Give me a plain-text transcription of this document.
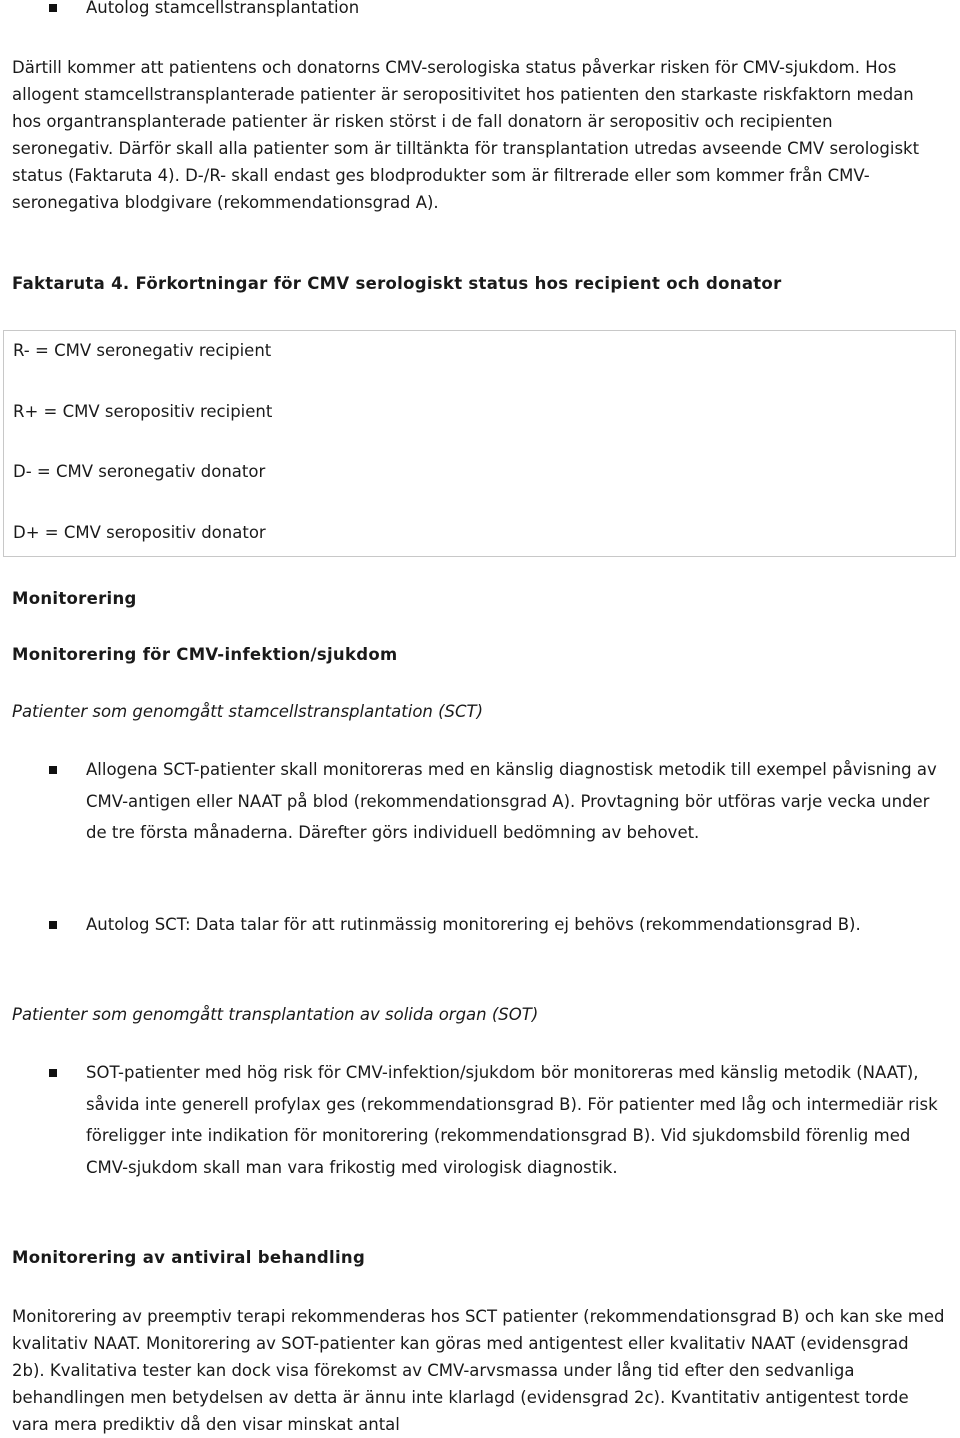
Autolog stamcellstransplantation
Därtill kommer att patientens och donatorns CMV-serologiska status påverkar risken för CMV-sjukdom. Hos allogent stamcellstransplanterade patienter är seropositivitet hos patienten den starkaste riskfaktorn medan hos organtransplanterade patienter är risken störst i de fall donatorn är seropositiv och recipienten seronegativ. Därför skall alla patienter som är tilltänkta för transplantation utredas avseende CMV serologiskt status (Faktaruta 4). D-/R- skall endast ges blodprodukter som är filtrerade eller som kommer från CMV-seronegativa blodgivare (rekommendationsgrad A).
Faktaruta 4. Förkortningar för CMV serologiskt status hos recipient och donator
R- = CMV seronegativ recipient
R+ = CMV seropositiv recipient
D- = CMV seronegativ donator
D+ = CMV seropositiv donator
Monitorering
Monitorering för CMV-infektion/sjukdom
Patienter som genomgått stamcellstransplantation (SCT)
Allogena SCT-patienter skall monitoreras med en känslig diagnostisk metodik till exempel påvisning av CMV-antigen eller NAAT på blod (rekommendationsgrad A). Provtagning bör utföras varje vecka under de tre första månaderna. Därefter görs individuell bedömning av behovet.
Autolog SCT: Data talar för att rutinmässig monitorering ej behövs (rekommendationsgrad B).
Patienter som genomgått transplantation av solida organ (SOT)
SOT-patienter med hög risk för CMV-infektion/sjukdom bör monitoreras med känslig metodik (NAAT), såvida inte generell profylax ges (rekommendationsgrad B). För patienter med låg och intermediär risk föreligger inte indikation för monitorering (rekommendationsgrad B). Vid sjukdomsbild förenlig med CMV-sjukdom skall man vara frikostig med virologisk diagnostik.
Monitorering av antiviral behandling
Monitorering av preemptiv terapi rekommenderas hos SCT patienter (rekommendationsgrad B) och kan ske med kvalitativ NAAT. Monitorering av SOT-patienter kan göras med antigentest eller kvalitativ NAAT (evidensgrad 2b). Kvalitativa tester kan dock visa förekomst av CMV-arvsmassa under lång tid efter den sedvanliga behandlingen men betydelsen av detta är ännu inte klarlagd (evidensgrad 2c). Kvantitativ antigentest torde vara mera prediktiv då den visar minskat antal
